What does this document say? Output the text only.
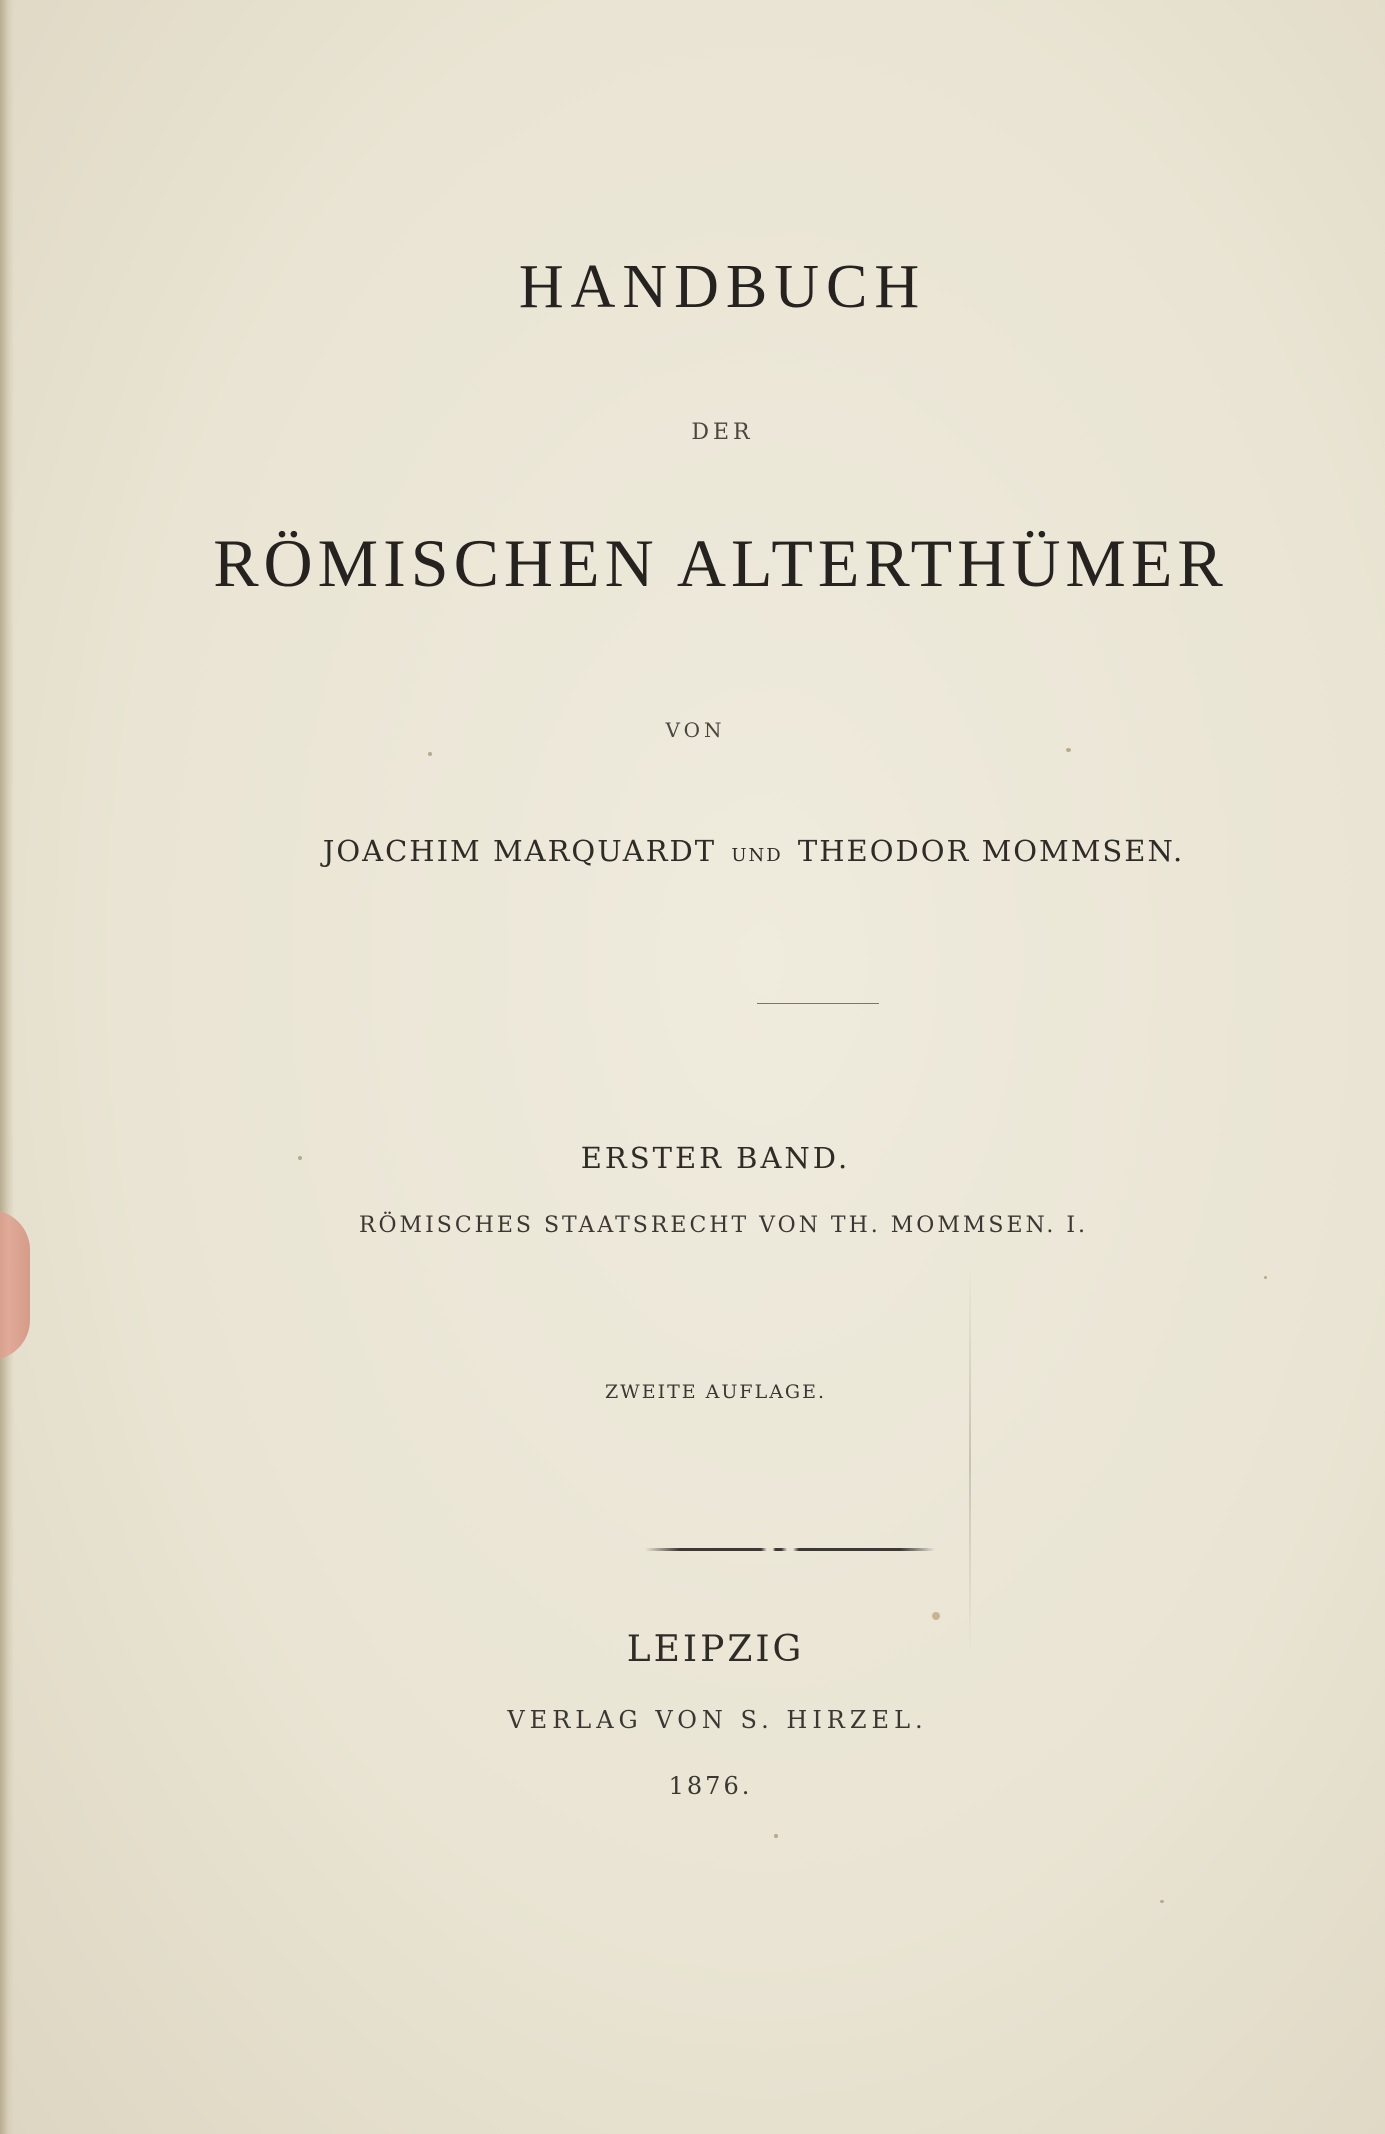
HANDBUCH
DER
RÖMISCHEN ALTERTHÜMER
VON
JOACHIM MARQUARDT UND THEODOR MOMMSEN.
ERSTER BAND.
RÖMISCHES STAATSRECHT VON TH. MOMMSEN. I.
ZWEITE AUFLAGE.
LEIPZIG
VERLAG VON S. HIRZEL.
1876.
